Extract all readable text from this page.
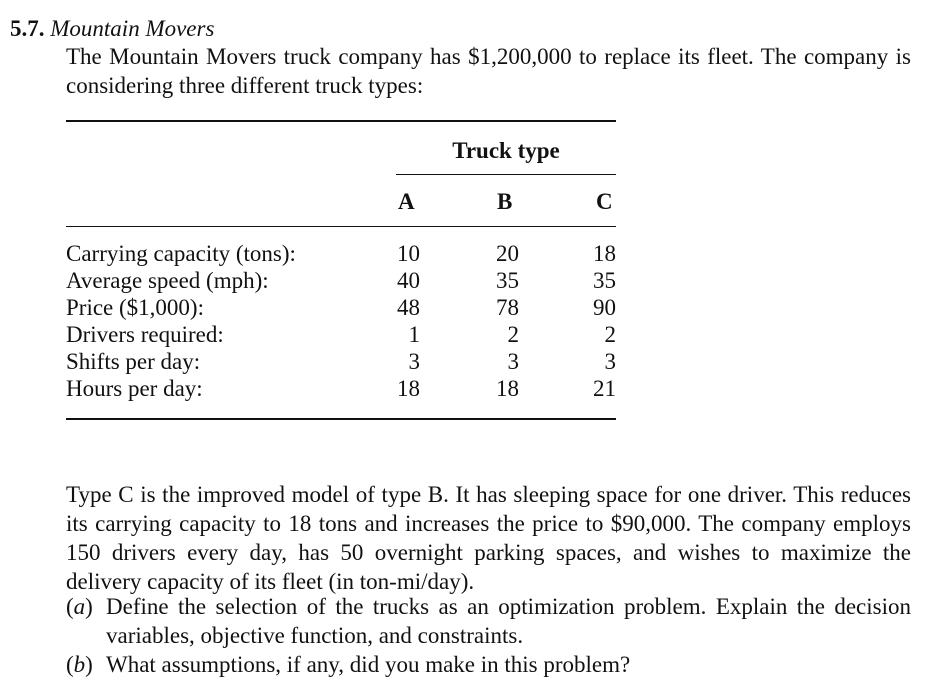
5.7. Mountain Movers
The Mountain Movers truck company has $1,200,000 to replace its fleet. The company is considering three different truck types:
Truck type
A	B	C
Carrying capacity (tons):
Average speed (mph):
Price ($1,000):
Drivers required:
Shifts per day:
Hours per day:
10
40
48
1
3
18
20
35
78
2
3
18
18
35
90
2
3
21

Type C is the improved model of type B. It has sleeping space for one driver. This reduces its carrying capacity to 18 tons and increases the price to $90,000. The company employs 150 drivers every day, has 50 overnight parking spaces, and wishes to maximize the delivery capacity of its fleet (in ton-mi/day).

(a) Define the selection of the trucks as an optimization problem. Explain the decision variables, objective function, and constraints.
(b) What assumptions, if any, did you make in this problem?
